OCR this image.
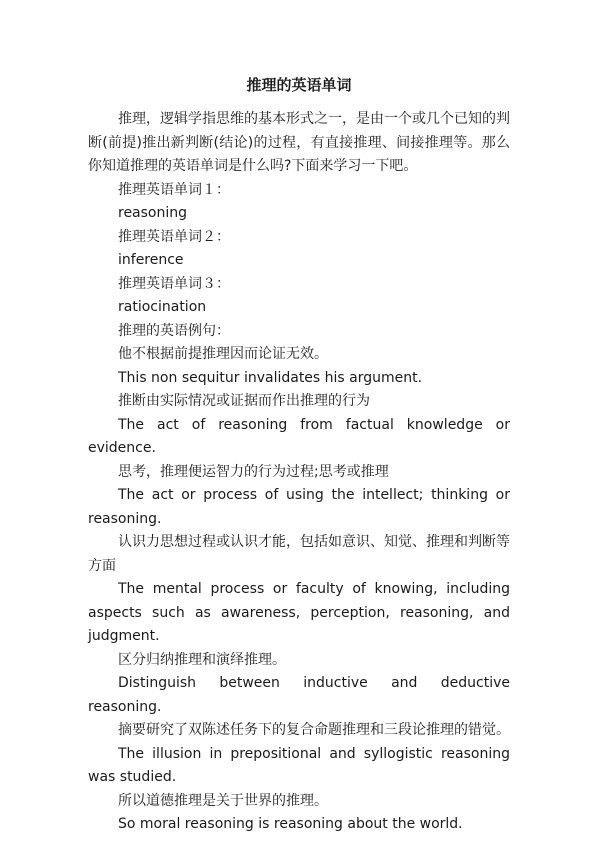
推理的英语单词

推理，逻辑学指思维的基本形式之一，是由一个或几个已知的判断(前提)推出新判断(结论)的过程，有直接推理、间接推理等。那么你知道推理的英语单词是什么吗?下面来学习一下吧。

推理英语单词１：

reasoning

推理英语单词２：

inference

推理英语单词３：

ratiocination

推理的英语例句：

他不根据前提推理因而论证无效。

This non sequitur invalidates his argument.

推断由实际情况或证据而作出推理的行为

The act of reasoning from factual knowledge or evidence.

思考，推理便运智力的行为过程;思考或推理

The act or process of using the intellect; thinking or reasoning.

认识力思想过程或认识才能，包括如意识、知觉、推理和判断等方面

The mental process or faculty of knowing, including aspects such as awareness, perception, reasoning, and judgment.

区分归纳推理和演绎推理。

Distinguish between inductive and deductive reasoning.

摘要研究了双陈述任务下的复合命题推理和三段论推理的错觉。

The illusion in prepositional and syllogistic reasoning was studied.

所以道德推理是关于世界的推理。

So moral reasoning is reasoning about the world.
